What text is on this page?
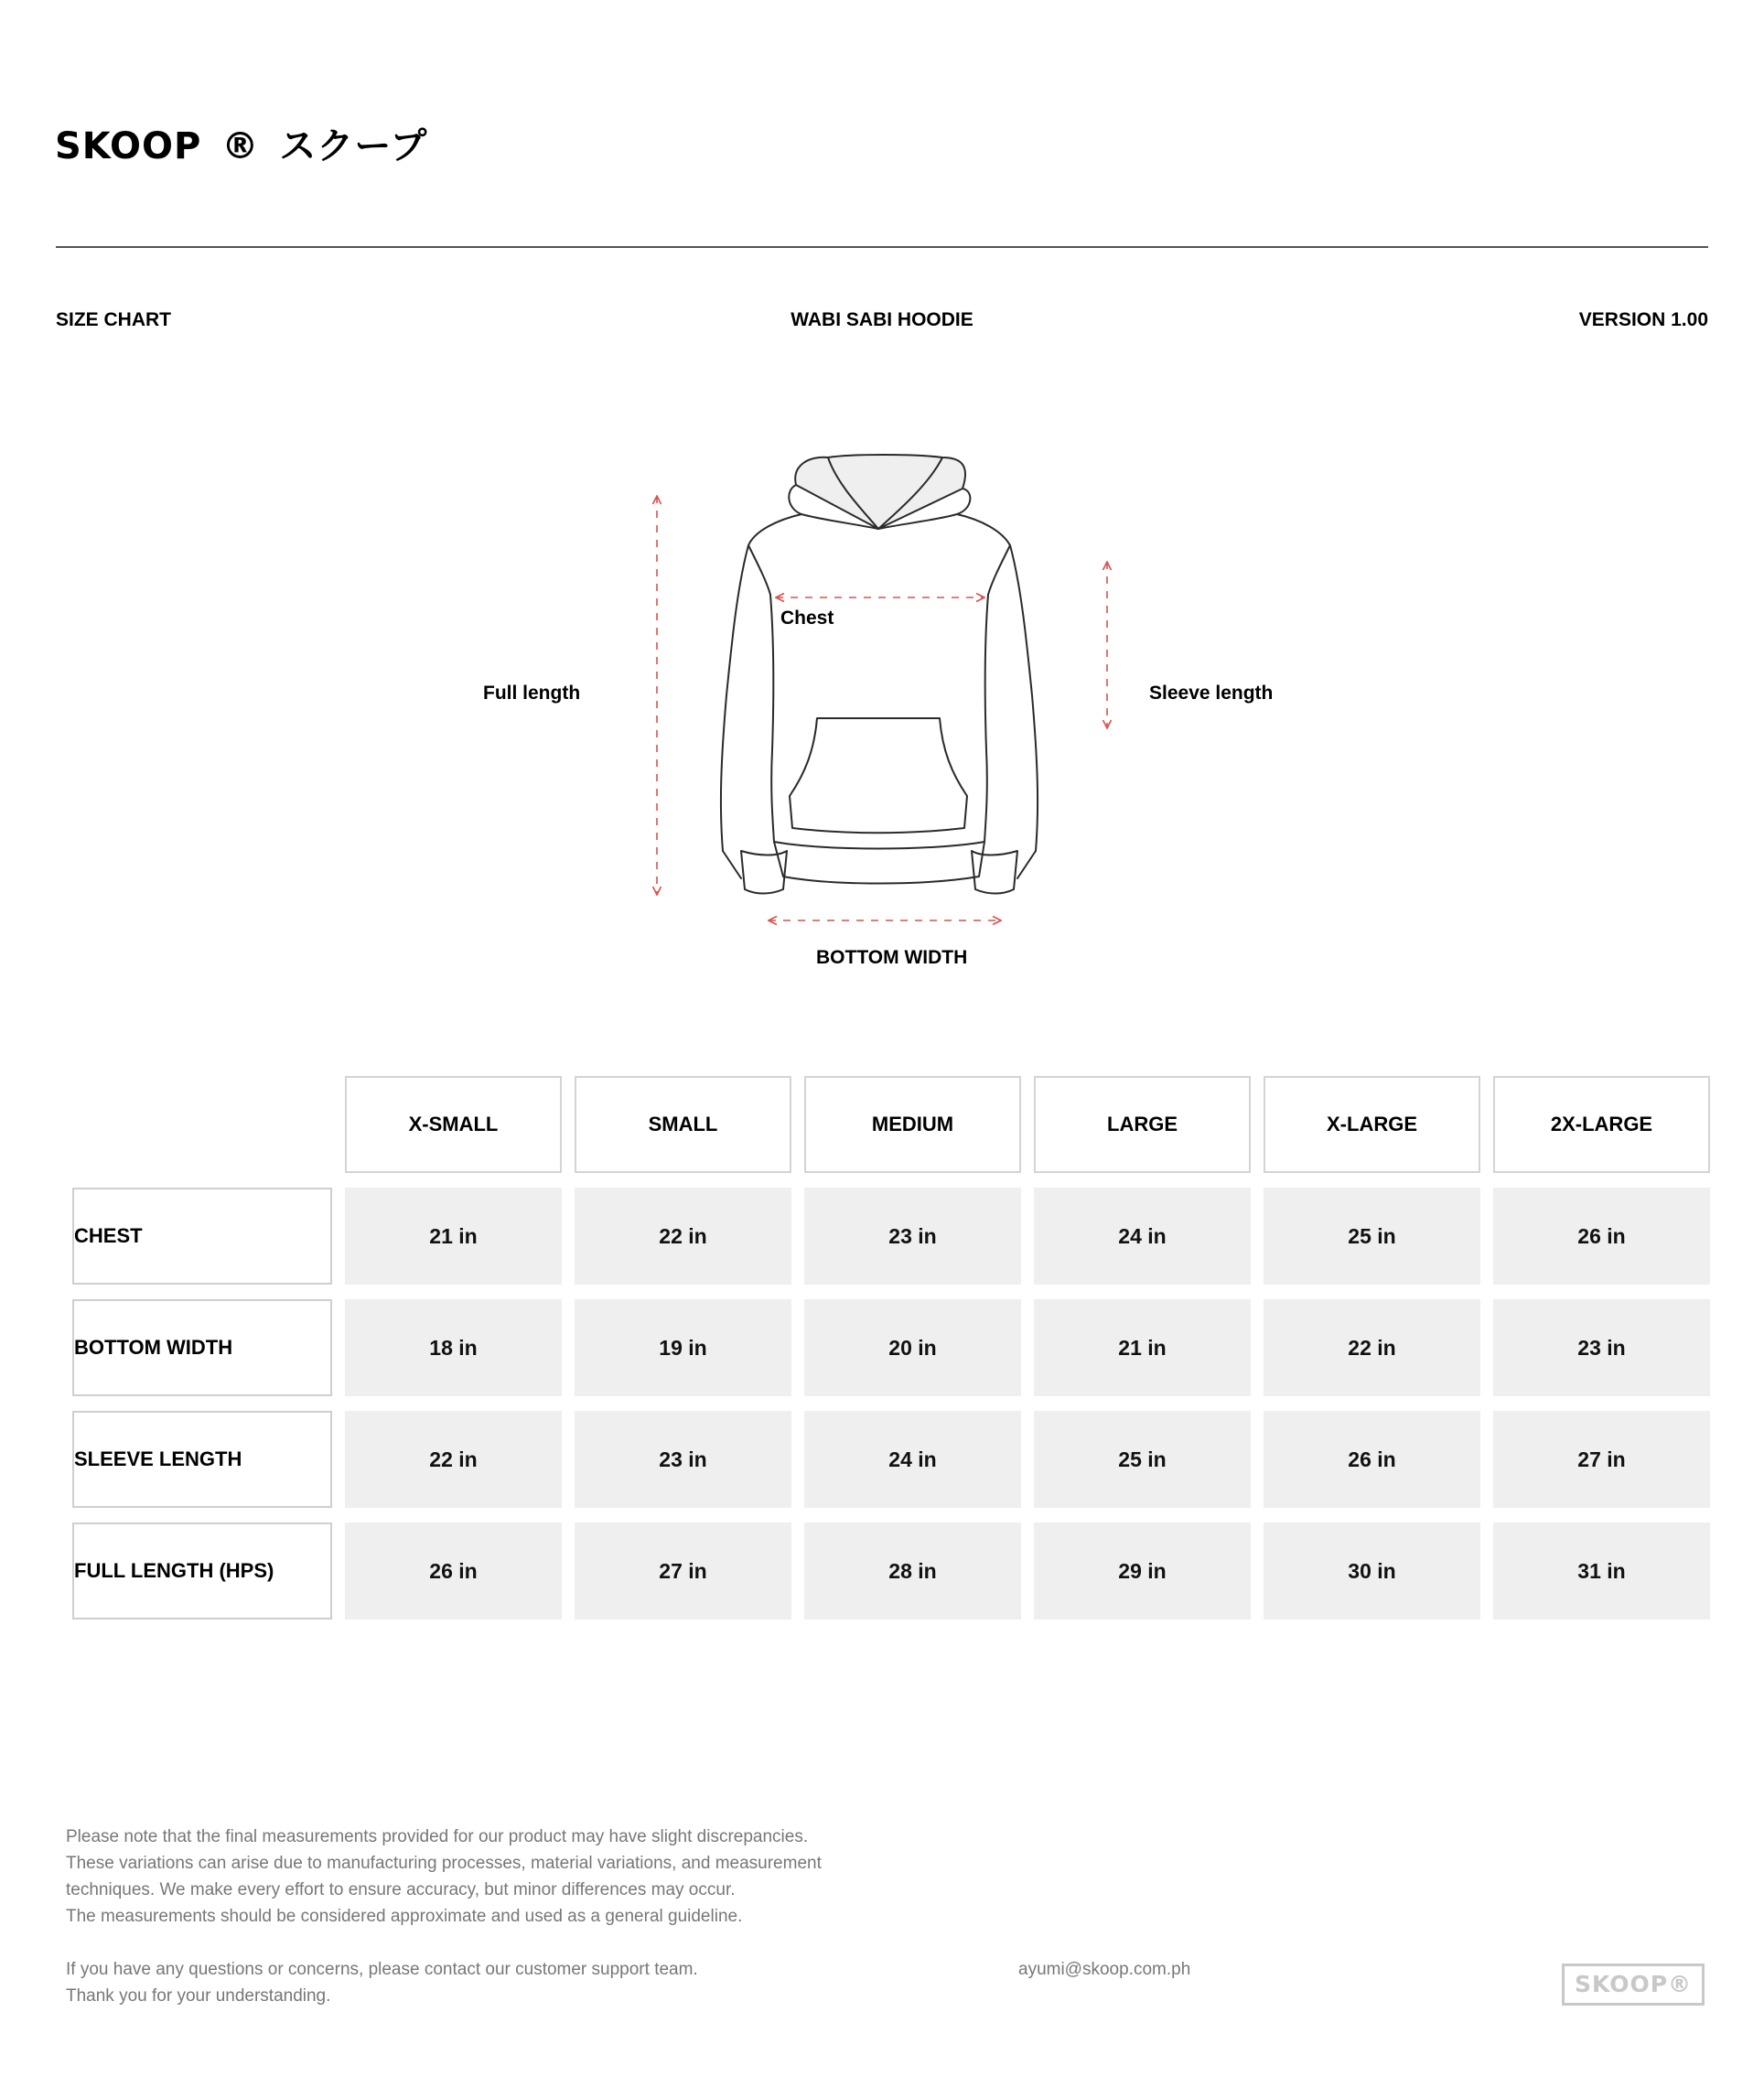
SKOOP ® スクープ
SIZE CHART	WABI SABI HOODIE	VERSION 1.00
Chest
Full length	Sleeve length
BOTTOM WIDTH
	X-SMALL	SMALL	MEDIUM	LARGE	X-LARGE	2X-LARGE
CHEST	21 in	22 in	23 in	24 in	25 in	26 in
BOTTOM WIDTH	18 in	19 in	20 in	21 in	22 in	23 in
SLEEVE LENGTH	22 in	23 in	24 in	25 in	26 in	27 in
FULL LENGTH (HPS)	26 in	27 in	28 in	29 in	30 in	31 in

Please note that the final measurements provided for our product may have slight discrepancies.

These variations can arise due to manufacturing processes, material variations, and measurement

techniques. We make every effort to ensure accuracy, but minor differences may occur.

The measurements should be considered approximate and used as a general guideline.

If you have any questions or concerns, please contact our customer support team.

Thank you for your understanding.

ayumi@skoop.com.ph
SKOOP®
